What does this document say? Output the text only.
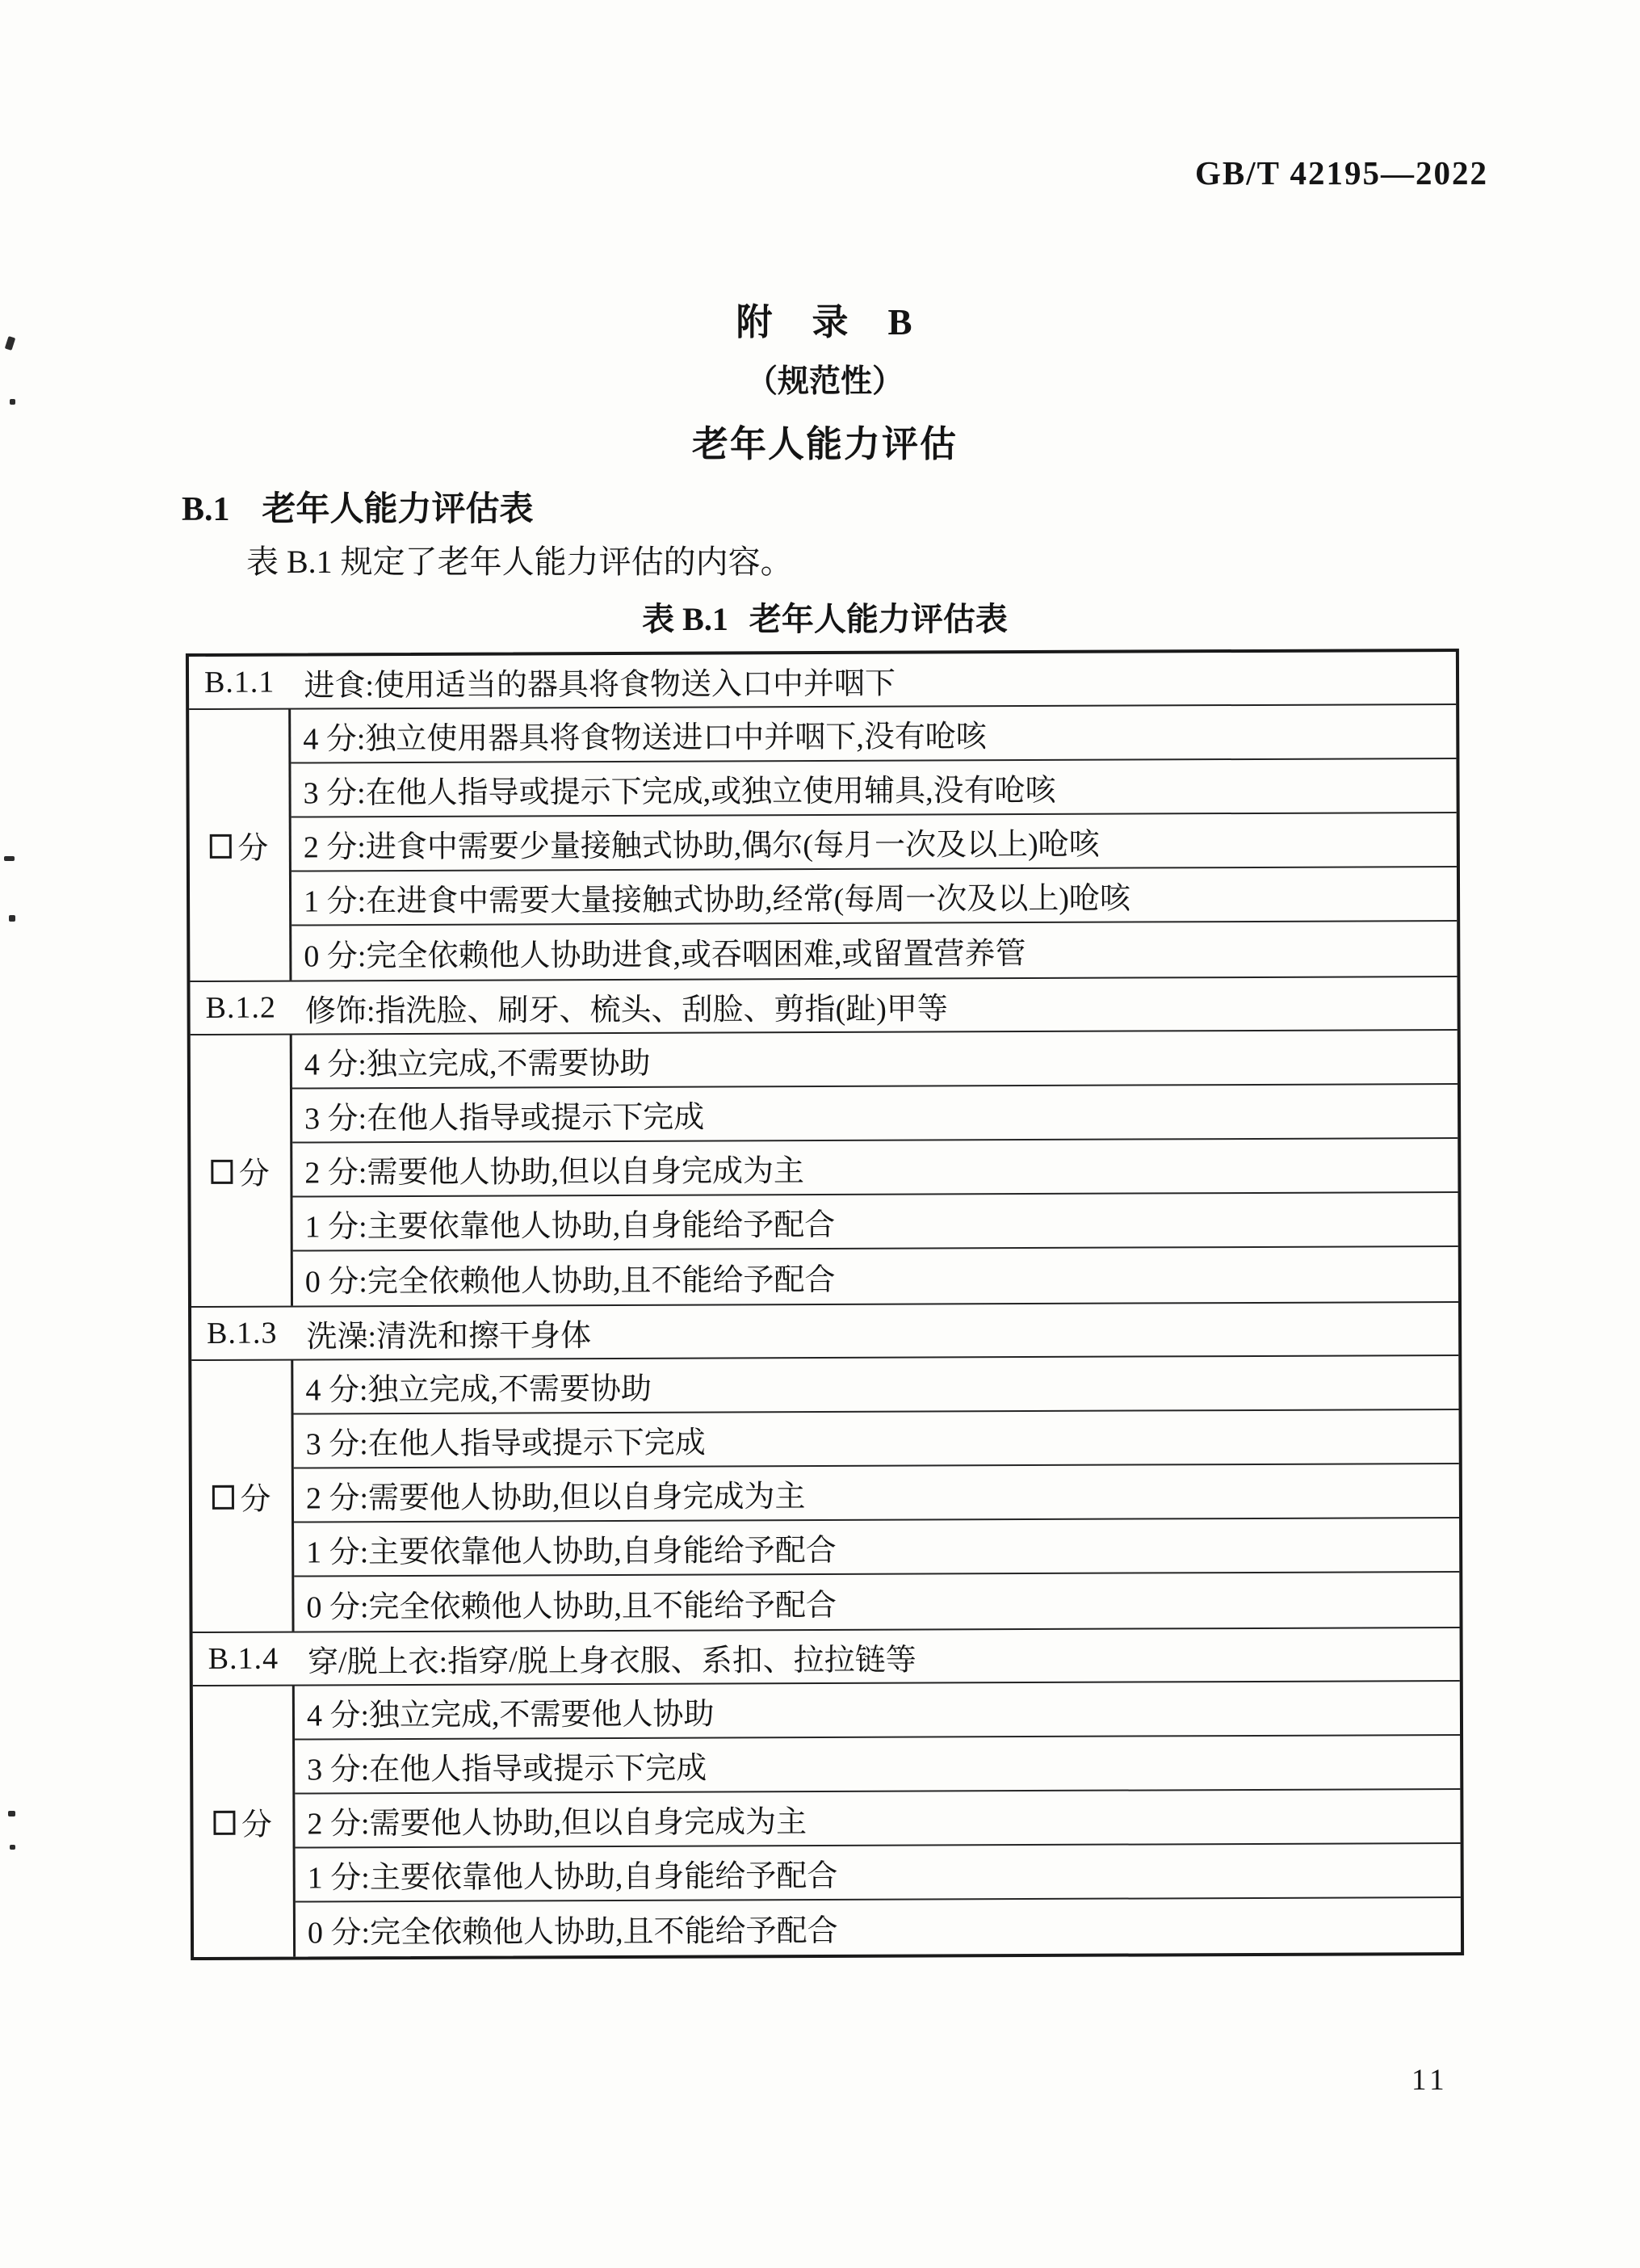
GB/T 42195—2022
附　录　B
（规范性）
老年人能力评估
B.1 老年人能力评估表
表 B.1 规定了老年人能力评估的内容。
表 B.1 老年人能力评估表
B.1.1 进食:使用适当的器具将食物送入口中并咽下
分
4 分:独立使用器具将食物送进口中并咽下,没有呛咳
3 分:在他人指导或提示下完成,或独立使用辅具,没有呛咳
2 分:进食中需要少量接触式协助,偶尔(每月一次及以上)呛咳
1 分:在进食中需要大量接触式协助,经常(每周一次及以上)呛咳
0 分:完全依赖他人协助进食,或吞咽困难,或留置营养管
B.1.2 修饰:指洗脸、刷牙、梳头、刮脸、剪指(趾)甲等
分
4 分:独立完成,不需要协助
3 分:在他人指导或提示下完成
2 分:需要他人协助,但以自身完成为主
1 分:主要依靠他人协助,自身能给予配合
0 分:完全依赖他人协助,且不能给予配合
B.1.3 洗澡:清洗和擦干身体
分
4 分:独立完成,不需要协助
3 分:在他人指导或提示下完成
2 分:需要他人协助,但以自身完成为主
1 分:主要依靠他人协助,自身能给予配合
0 分:完全依赖他人协助,且不能给予配合
B.1.4 穿/脱上衣:指穿/脱上身衣服、系扣、拉拉链等
分
4 分:独立完成,不需要他人协助
3 分:在他人指导或提示下完成
2 分:需要他人协助,但以自身完成为主
1 分:主要依靠他人协助,自身能给予配合
0 分:完全依赖他人协助,且不能给予配合
11
